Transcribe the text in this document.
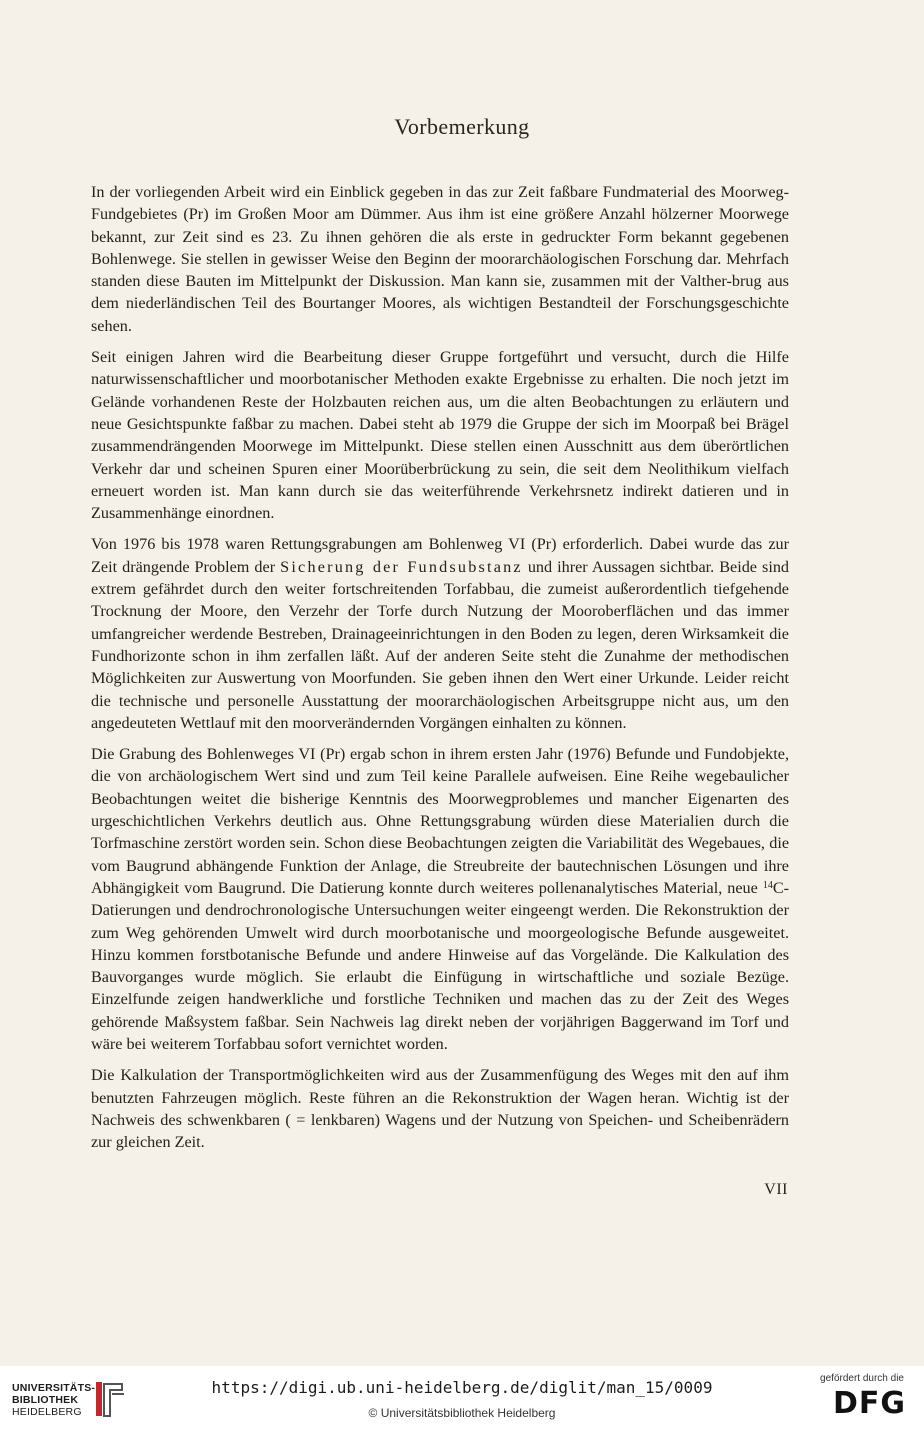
Vorbemerkung

In der vorliegenden Arbeit wird ein Einblick gegeben in das zur Zeit faßbare Fundmaterial des Moorweg-Fundgebietes (Pr) im Großen Moor am Dümmer. Aus ihm ist eine größere Anzahl hölzerner Moorwege bekannt, zur Zeit sind es 23. Zu ihnen gehören die als erste in gedruckter Form bekannt gegebenen Bohlenwege. Sie stellen in gewisser Weise den Beginn der moorarchäologischen Forschung dar. Mehrfach standen diese Bauten im Mittelpunkt der Diskussion. Man kann sie, zusammen mit der Valther-brug aus dem niederländischen Teil des Bourtanger Moores, als wichtigen Bestandteil der Forschungsgeschichte sehen.

Seit einigen Jahren wird die Bearbeitung dieser Gruppe fortgeführt und versucht, durch die Hilfe naturwissenschaftlicher und moorbotanischer Methoden exakte Ergebnisse zu erhalten. Die noch jetzt im Gelände vorhandenen Reste der Holzbauten reichen aus, um die alten Beobachtungen zu erläutern und neue Gesichtspunkte faßbar zu machen. Dabei steht ab 1979 die Gruppe der sich im Moorpaß bei Brägel zusammendrängenden Moorwege im Mittelpunkt. Diese stellen einen Ausschnitt aus dem überörtlichen Verkehr dar und scheinen Spuren einer Moorüberbrückung zu sein, die seit dem Neolithikum vielfach erneuert worden ist. Man kann durch sie das weiterführende Verkehrsnetz indirekt datieren und in Zusammenhänge einordnen.

Von 1976 bis 1978 waren Rettungsgrabungen am Bohlenweg VI (Pr) erforderlich. Dabei wurde das zur Zeit drängende Problem der Sicherung der Fundsubstanz und ihrer Aussagen sichtbar. Beide sind extrem gefährdet durch den weiter fortschreitenden Torfabbau, die zumeist außerordentlich tiefgehende Trocknung der Moore, den Verzehr der Torfe durch Nutzung der Mooroberflächen und das immer umfangreicher werdende Bestreben, Drainageeinrichtungen in den Boden zu legen, deren Wirksamkeit die Fundhorizonte schon in ihm zerfallen läßt. Auf der anderen Seite steht die Zunahme der methodischen Möglichkeiten zur Auswertung von Moorfunden. Sie geben ihnen den Wert einer Urkunde. Leider reicht die technische und personelle Ausstattung der moorarchäologischen Arbeitsgruppe nicht aus, um den angedeuteten Wettlauf mit den moorverändernden Vorgängen einhalten zu können.

Die Grabung des Bohlenweges VI (Pr) ergab schon in ihrem ersten Jahr (1976) Befunde und Fundobjekte, die von archäologischem Wert sind und zum Teil keine Parallele aufweisen. Eine Reihe wegebaulicher Beobachtungen weitet die bisherige Kenntnis des Moorwegproblemes und mancher Eigenarten des urgeschichtlichen Verkehrs deutlich aus. Ohne Rettungsgrabung würden diese Materialien durch die Torfmaschine zerstört worden sein. Schon diese Beobachtungen zeigten die Variabilität des Wegebaues, die vom Baugrund abhängende Funktion der Anlage, die Streubreite der bautechnischen Lösungen und ihre Abhängigkeit vom Baugrund. Die Datierung konnte durch weiteres pollenanalytisches Material, neue $^{14}$C-Datierungen und dendrochronologische Untersuchungen weiter eingeengt werden. Die Rekonstruktion der zum Weg gehörenden Umwelt wird durch moorbotanische und moorgeologische Befunde ausgeweitet. Hinzu kommen forstbotanische Befunde und andere Hinweise auf das Vorgelände. Die Kalkulation des Bauvorganges wurde möglich. Sie erlaubt die Einfügung in wirtschaftliche und soziale Bezüge. Einzelfunde zeigen handwerkliche und forstliche Techniken und machen das zu der Zeit des Weges gehörende Maßsystem faßbar. Sein Nachweis lag direkt neben der vorjährigen Baggerwand im Torf und wäre bei weiterem Torfabbau sofort vernichtet worden.

Die Kalkulation der Transportmöglichkeiten wird aus der Zusammenfügung des Weges mit den auf ihm benutzten Fahrzeugen möglich. Reste führen an die Rekonstruktion der Wagen heran. Wichtig ist der Nachweis des schwenkbaren ( = lenkbaren) Wagens und der Nutzung von Speichen- und Scheibenrädern zur gleichen Zeit.

VII
UNIVERSITÄTS-
BIBLIOTHEK
HEIDELBERG
https://digi.ub.uni-heidelberg.de/diglit/man_15/0009
© Universitätsbibliothek Heidelberg
gefördert durch die
DFG
